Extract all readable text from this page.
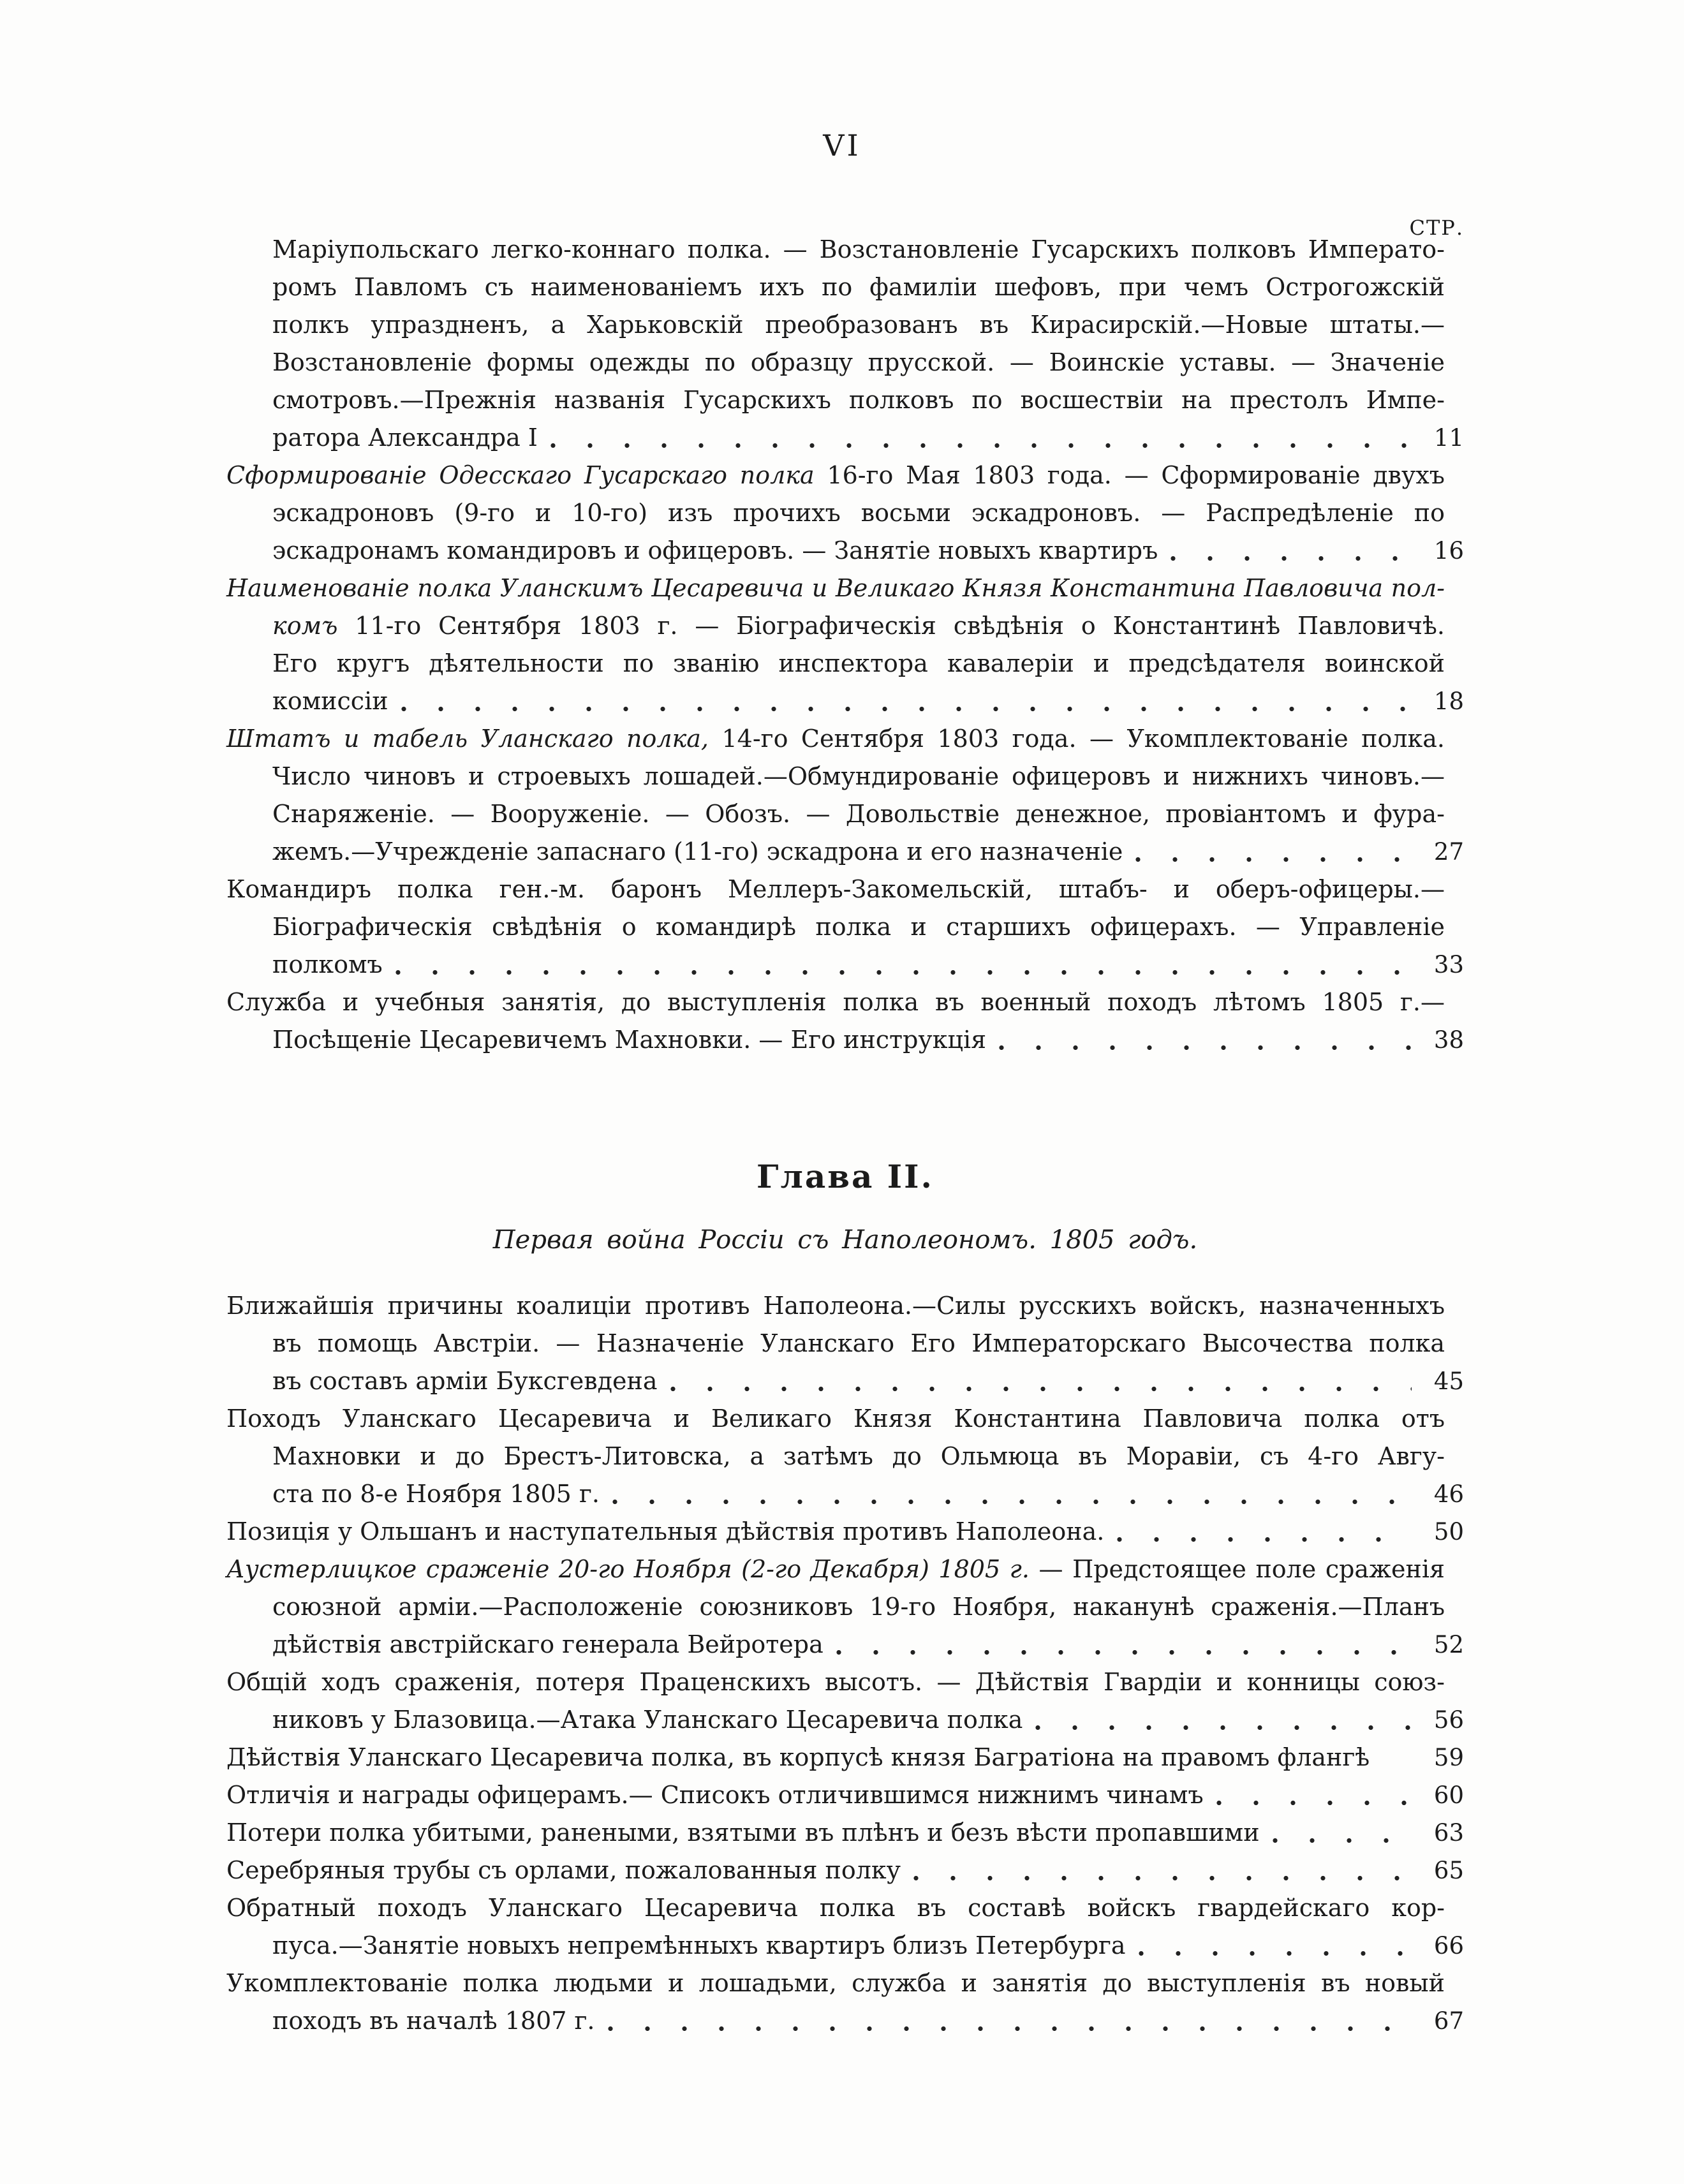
VI
СТР.
Маріупольскаго легко-коннаго полка. — Возстановленіе Гусарскихъ полковъ Императо-
ромъ Павломъ съ наименованіемъ ихъ по фамиліи шефовъ, при чемъ Острогожскій
полкъ упраздненъ, а Харьковскій преобразованъ въ Кирасирскій.—Новые штаты.—
Возстановленіе формы одежды по образцу прусской. — Воинскіе уставы. — Значеніе
смотровъ.—Прежнія названія Гусарскихъ полковъ по восшествіи на престолъ Импе-
ратора Александра I	11
Сформированіе Одесскаго Гусарскаго полка 16-го Мая 1803 года. — Сформированіе двухъ
эскадроновъ (9-го и 10-го) изъ прочихъ восьми эскадроновъ. — Распредѣленіе по
эскадронамъ командировъ и офицеровъ. — Занятіе новыхъ квартиръ	16
Наименованіе полка Уланскимъ Цесаревича и Великаго Князя Константина Павловича пол-
комъ 11-го Сентября 1803 г. — Біографическія свѣдѣнія о Константинѣ Павловичѣ.
Его кругъ дѣятельности по званію инспектора кавалеріи и предсѣдателя воинской
комиссіи	18
Штатъ и табель Уланскаго полка, 14-го Сентября 1803 года. — Укомплектованіе полка.
Число чиновъ и строевыхъ лошадей.—Обмундированіе офицеровъ и нижнихъ чиновъ.—
Снаряженіе. — Вооруженіе. — Обозъ. — Довольствіе денежное, провіантомъ и фура-
жемъ.—Учрежденіе запаснаго (11-го) эскадрона и его назначеніе	27
Командиръ полка ген.-м. баронъ Меллеръ-Закомельскій, штабъ- и оберъ-офицеры.—
Біографическія свѣдѣнія о командирѣ полка и старшихъ офицерахъ. — Управленіе
полкомъ	33
Служба и учебныя занятія, до выступленія полка въ военный походъ лѣтомъ 1805 г.—
Посѣщеніе Цесаревичемъ Махновки. — Его инструкція	38
Глава II.
Первая война Россіи съ Наполеономъ. 1805 годъ.
Ближайшія причины коалиціи противъ Наполеона.—Силы русскихъ войскъ, назначенныхъ
въ помощь Австріи. — Назначеніе Уланскаго Его Императорскаго Высочества полка
въ составъ арміи Буксгевдена	45
Походъ Уланскаго Цесаревича и Великаго Князя Константина Павловича полка отъ
Махновки и до Брестъ-Литовска, а затѣмъ до Ольмюца въ Моравіи, съ 4-го Авгу-
ста по 8-е Ноября 1805 г.	46
Позиція у Ольшанъ и наступательныя дѣйствія противъ Наполеона.	50
Аустерлицкое сраженіе 20-го Ноября (2-го Декабря) 1805 г. — Предстоящее поле сраженія
союзной арміи.—Расположеніе союзниковъ 19-го Ноября, наканунѣ сраженія.—Планъ
дѣйствія австрійскаго генерала Вейротера	52
Общій ходъ сраженія, потеря Праценскихъ высотъ. — Дѣйствія Гвардіи и конницы союз-
никовъ у Блазовица.—Атака Уланскаго Цесаревича полка	56
Дѣйствія Уланскаго Цесаревича полка, въ корпусѣ князя Багратіона на правомъ флангѣ	59
Отличія и награды офицерамъ.— Списокъ отличившимся нижнимъ чинамъ	60
Потери полка убитыми, ранеными, взятыми въ плѣнъ и безъ вѣсти пропавшими	63
Серебряныя трубы съ орлами, пожалованныя полку	65
Обратный походъ Уланскаго Цесаревича полка въ составѣ войскъ гвардейскаго кор-
пуса.—Занятіе новыхъ непремѣнныхъ квартиръ близъ Петербурга	66
Укомплектованіе полка людьми и лошадьми, служба и занятія до выступленія въ новый
походъ въ началѣ 1807 г.	67
